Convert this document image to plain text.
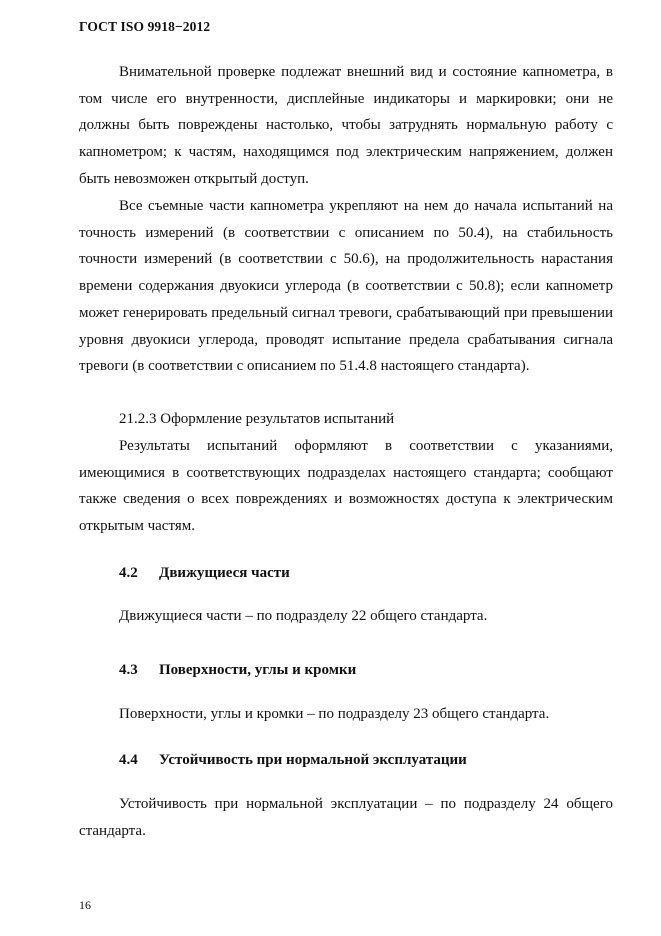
ГОСТ ISO 9918−2012

Внимательной проверке подлежат внешний вид и состояние капнометра, в том числе его внутренности, дисплейные индикаторы и маркировки; они не должны быть повреждены настолько, чтобы затруднять нормальную работу с капнометром; к частям, находящимся под электрическим напряжением, должен быть невозможен открытый доступ.

Все съемные части капнометра укрепляют на нем до начала испытаний на точность измерений (в соответствии с описанием по 50.4), на стабильность точности измерений (в соответствии с 50.6), на продолжительность нарастания времени содержания двуокиси углерода (в соответствии с 50.8); если капнометр может генерировать предельный сигнал тревоги, срабатывающий при превышении уровня двуокиси углерода, проводят испытание предела срабатывания сигнала тревоги (в соответствии с описанием по 51.4.8 настоящего стандарта).

21.2.3 Оформление результатов испытаний

Результаты испытаний оформляют в соответствии с указаниями, имеющимися в соответствующих подразделах настоящего стандарта; сообщают также сведения о всех повреждениях и возможностях доступа к электрическим открытым частям.

4.2 Движущиеся части

Движущиеся части – по подразделу 22 общего стандарта.

4.3 Поверхности, углы и кромки

Поверхности, углы и кромки – по подразделу 23 общего стандарта.

4.4 Устойчивость при нормальной эксплуатации

Устойчивость при нормальной эксплуатации – по подразделу 24 общего стандарта.

16
